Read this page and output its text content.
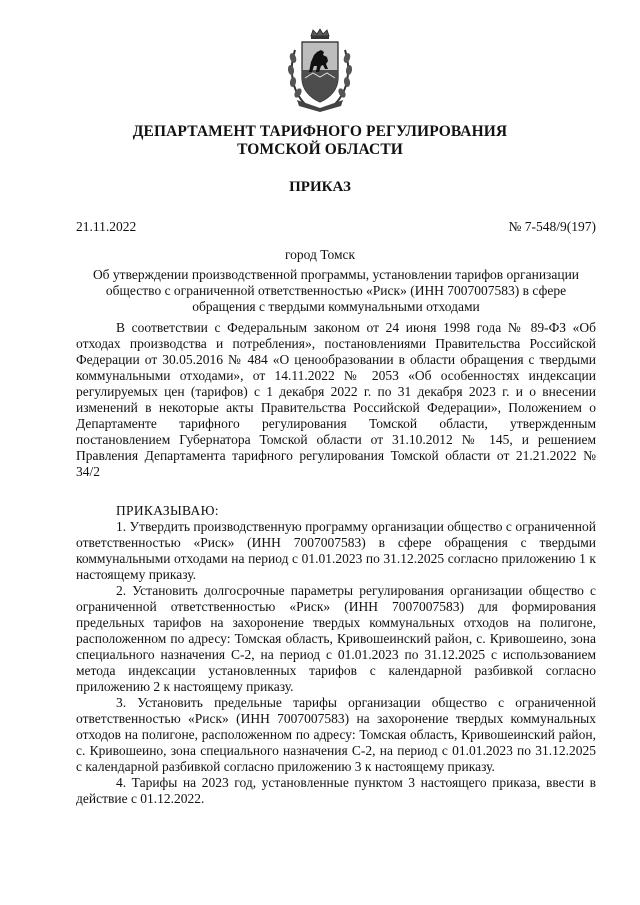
ДЕПАРТАМЕНТ ТАРИФНОГО РЕГУЛИРОВАНИЯ
ТОМСКОЙ ОБЛАСТИ
ПРИКАЗ
21.11.2022	№ 7-548/9(197)
город Томск
Об утверждении производственной программы, установлении тарифов организации общество с ограниченной ответственностью «Риск» (ИНН 7007007583) в сфере обращения с твердыми коммунальными отходами

В соответствии с Федеральным законом от 24 июня 1998 года № 89-ФЗ «Об отходах производства и потребления», постановлениями Правительства Российской Федерации от 30.05.2016 № 484 «О ценообразовании в области обращения с твердыми коммунальными отходами», от 14.11.2022 № 2053 «Об особенностях индексации регулируемых цен (тарифов) с 1 декабря 2022 г. по 31 декабря 2023 г. и о внесении изменений в некоторые акты Правительства Российской Федерации», Положением о Департаменте тарифного регулирования Томской области, утвержденным постановлением Губернатора Томской области от 31.10.2012 № 145, и решением Правления Департамента тарифного регулирования Томской области от 21.21.2022 № 34/2

ПРИКАЗЫВАЮ:

1. Утвердить производственную программу организации общество с ограниченной ответственностью «Риск» (ИНН 7007007583) в сфере обращения с твердыми коммунальными отходами на период с 01.01.2023 по 31.12.2025 согласно приложению 1 к настоящему приказу.

2. Установить долгосрочные параметры регулирования организации общество с ограниченной ответственностью «Риск» (ИНН 7007007583) для формирования предельных тарифов на захоронение твердых коммунальных отходов на полигоне, расположенном по адресу: Томская область, Кривошеинский район, с. Кривошеино, зона специального назначения С-2, на период с 01.01.2023 по 31.12.2025 с использованием метода индексации установленных тарифов с календарной разбивкой согласно приложению 2 к настоящему приказу.

3. Установить предельные тарифы организации общество с ограниченной ответственностью «Риск» (ИНН 7007007583) на захоронение твердых коммунальных отходов на полигоне, расположенном по адресу: Томская область, Кривошеинский район, с. Кривошеино, зона специального назначения С-2, на период с 01.01.2023 по 31.12.2025 с календарной разбивкой согласно приложению 3 к настоящему приказу.

4. Тарифы на 2023 год, установленные пунктом 3 настоящего приказа, ввести в действие с 01.12.2022.
